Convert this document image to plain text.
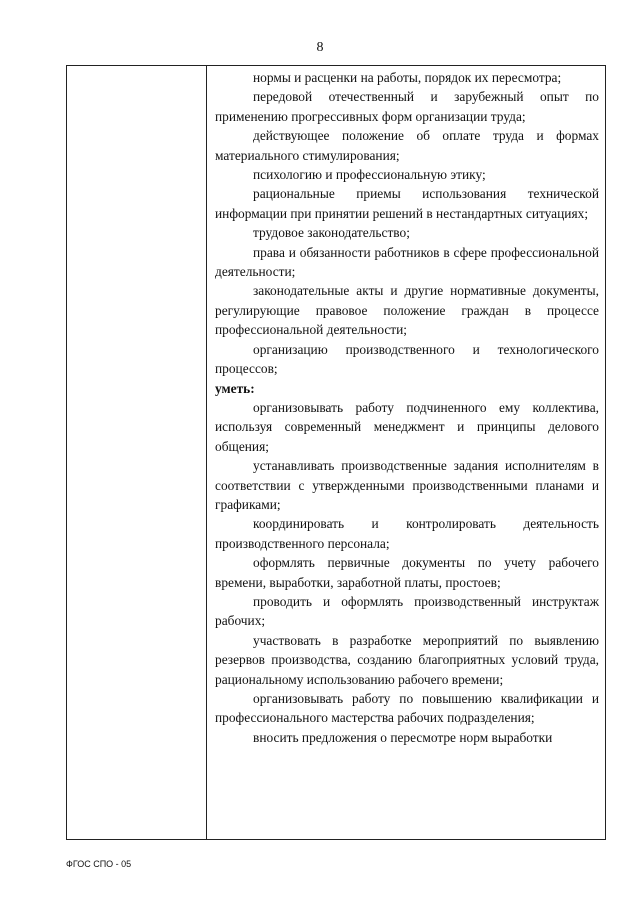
8

нормы и расценки на работы, порядок их пересмотра;

передовой отечественный и зарубежный опыт по применению прогрессивных форм организации труда;

действующее положение об оплате труда и формах материального стимулирования;

психологию и профессиональную этику;

рациональные приемы использования технической информации при принятии решений в нестандартных ситуациях;

трудовое законодательство;

права и обязанности работников в сфере профессиональной деятельности;

законодательные акты и другие нормативные документы, регулирующие правовое положение граждан в процессе профессиональной деятельности;

организацию производственного и технологического процессов;

уметь:

организовывать работу подчиненного ему коллектива, используя современный менеджмент и принципы делового общения;

устанавливать производственные задания исполнителям в соответствии с утвержденными производственными планами и графиками;

координировать и контролировать деятельность производственного персонала;

оформлять первичные документы по учету рабочего времени, выработки, заработной платы, простоев;

проводить и оформлять производственный инструктаж рабочих;

участвовать в разработке мероприятий по выявлению резервов производства, созданию благоприятных условий труда, рациональному использованию рабочего времени;

организовывать работу по повышению квалификации и профессионального мастерства рабочих подразделения;

вносить предложения о пересмотре норм выработки

ФГОС СПО - 05
